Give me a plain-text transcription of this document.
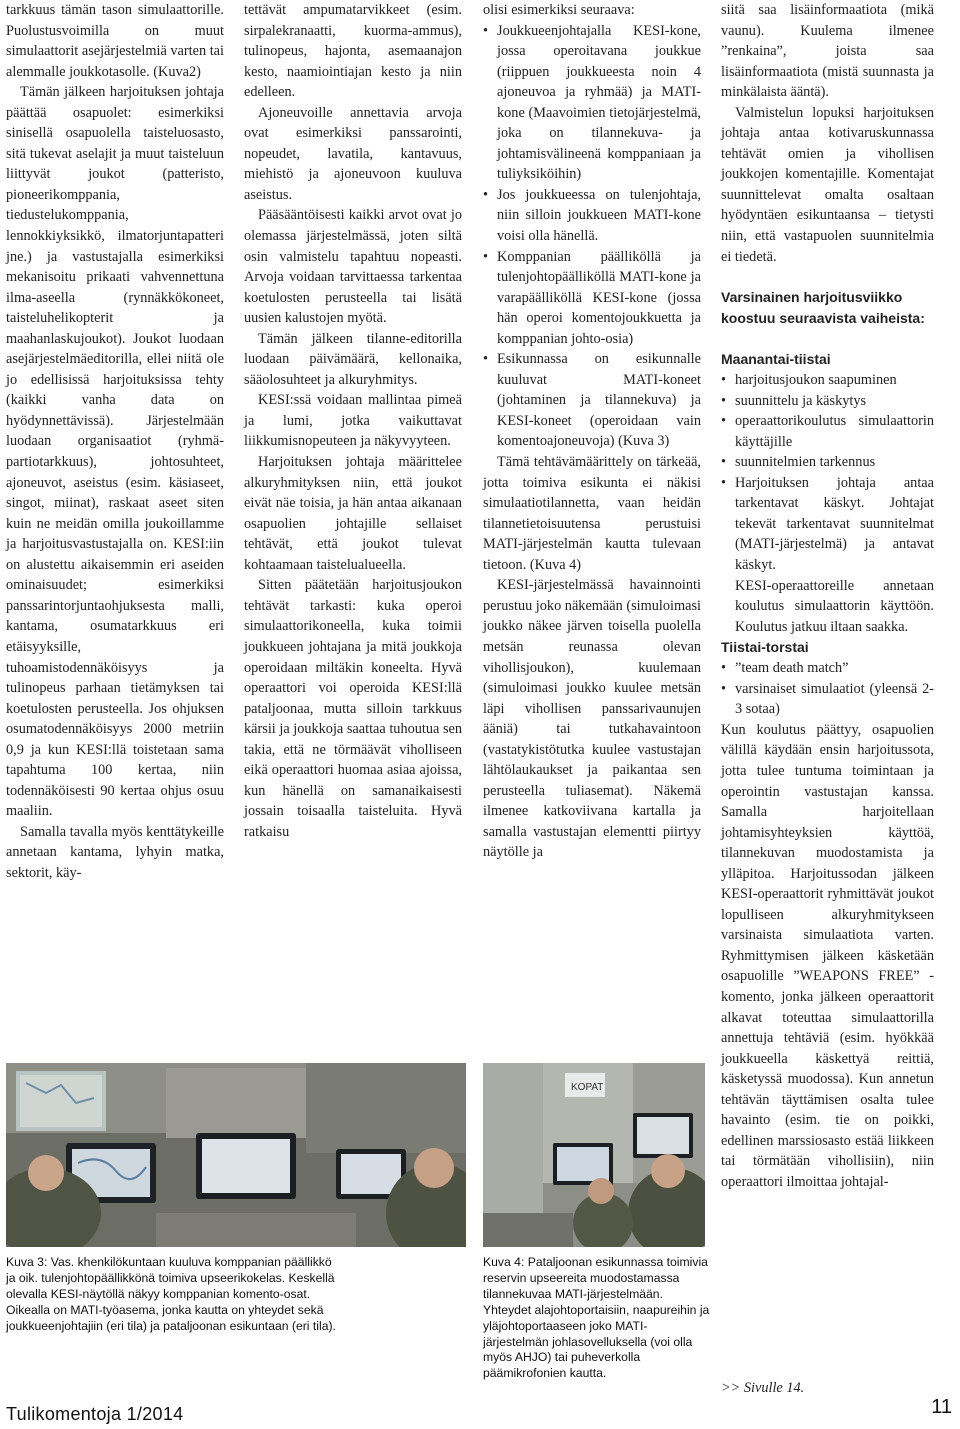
tarkkuus tämän tason simulaattorille. Puolustusvoimilla on muut simulaattorit asejärjestelmiä varten tai alemmalle joukkotasolle. (Kuva2)

Tämän jälkeen harjoituksen johtaja päättää osapuolet: esimerkiksi sinisellä osapuolella taisteluosasto, sitä tukevat aselajit ja muut taisteluun liittyvät joukot (patteristo, pioneerikomppania, tiedustelukomppania, lennokkiyksikkö, ilmatorjuntapatteri jne.) ja vastustajalla esimerkiksi mekanisoitu prikaati vahvennettuna ilma-aseella (rynnäkkökoneet, taisteluhelikopterit ja maahanlaskujoukot). Joukot luodaan asejärjestelmäeditorilla, ellei niitä ole jo edellisissä harjoituksissa tehty (kaikki vanha data on hyödynnettävissä). Järjestelmään luodaan organisaatiot (ryhmä-partiotarkkuus), johtosuhteet, ajoneuvot, aseistus (esim. käsiaseet, singot, miinat), raskaat aseet siten kuin ne meidän omilla joukoillamme ja harjoitusvastustajalla on. KESI:iin on alustettu aikaisemmin eri aseiden ominaisuudet; esimerkiksi panssarintorjuntaohjuksesta malli, kantama, osumatarkkuus eri etäisyyksille, tuhoamistodennäköisyys ja tulinopeus parhaan tietämyksen tai koetulosten perusteella. Jos ohjuksen osumatodennäköisyys 2000 metriin 0,9 ja kun KESI:llä toistetaan sama tapahtuma 100 kertaa, niin todennäköisesti 90 kertaa ohjus osuu maaliin.

Samalla tavalla myös kenttätykeille annetaan kantama, lyhyin matka, sektorit, käy-

tettävät ampumatarvikkeet (esim. sirpalekranaatti, kuorma-ammus), tulinopeus, hajonta, asemaanajon kesto, naamiointiajan kesto ja niin edelleen.

Ajoneuvoille annettavia arvoja ovat esimerkiksi panssarointi, nopeudet, lavatila, kantavuus, miehistö ja ajoneuvoon kuuluva aseistus.

Pääsääntöisesti kaikki arvot ovat jo olemassa järjestelmässä, joten siltä osin valmistelu tapahtuu nopeasti. Arvoja voidaan tarvittaessa tarkentaa koetulosten perusteella tai lisätä uusien kalustojen myötä.

Tämän jälkeen tilanne-editorilla luodaan päivämäärä, kellonaika, sääolosuhteet ja alkuryhmitys.

KESI:ssä voidaan mallintaa pimeä ja lumi, jotka vaikuttavat liikkumisnopeuteen ja näkyvyyteen.

Harjoituksen johtaja määrittelee alkuryhmityksen niin, että joukot eivät näe toisia, ja hän antaa aikanaan osapuolien johtajille sellaiset tehtävät, että joukot tulevat kohtaamaan taistelualueella.

Sitten päätetään harjoitusjoukon tehtävät tarkasti: kuka operoi simulaattorikoneella, kuka toimii joukkueen johtajana ja mitä joukkoja operoidaan miltäkin koneelta. Hyvä operaattori voi operoida KESI:llä pataljoonaa, mutta silloin tarkkuus kärsii ja joukkoja saattaa tuhoutua sen takia, että ne törmäävät viholliseen eikä operaattori huomaa asiaa ajoissa, kun hänellä on samanaikaisesti jossain toisaalla taisteluita. Hyvä ratkaisu

olisi esimerkiksi seuraava:

• Joukkueenjohtajalla KESI-kone, jossa operoitavana joukkue (riippuen joukkueesta noin 4 ajoneuvoa ja ryhmää) ja MATI-kone (Maavoimien tietojärjestelmä, joka on tilannekuva- ja johtamisvälineenä komppaniaan ja tuliyksiköihin)
• Jos joukkueessa on tulenjohtaja, niin silloin joukkueen MATI-kone voisi olla hänellä.
• Komppanian päälliköllä ja tulenjohtopäälliköllä MATI-kone ja varapäälliköllä KESI-kone (jossa hän operoi komentojoukkuetta ja komppanian johto-osia)
• Esikunnassa on esikunnalle kuuluvat MATI-koneet (johtaminen ja tilannekuva) ja KESI-koneet (operoidaan vain komentoajoneuvoja) (Kuva 3)

Tämä tehtävämäärittely on tärkeää, jotta toimiva esikunta ei näkisi simulaatiotilannetta, vaan heidän tilannetietoisuutensa perustuisi MATI-järjestelmän kautta tulevaan tietoon. (Kuva 4)

KESI-järjestelmässä havainnointi perustuu joko näkemään (simuloimasi joukko näkee järven toisella puolella metsän reunassa olevan vihollisjoukon), kuulemaan (simuloimasi joukko kuulee metsän läpi vihollisen panssarivaunujen ääniä) tai tutkahavaintoon (vastatykistötutka kuulee vastustajan lähtölaukaukset ja paikantaa sen perusteella tuliasemat). Näkemä ilmenee katkoviivana kartalla ja samalla vastustajan elementti piirtyy näytölle ja

siitä saa lisäinformaatiota (mikä vaunu). Kuulema ilmenee ”renkaina”, joista saa lisäinformaatiota (mistä suunnasta ja minkälaista ääntä).

Valmistelun lopuksi harjoituksen johtaja antaa kotivaruskunnassa tehtävät omien ja vihollisen joukkojen komentajille. Komentajat suunnittelevat omalta osaltaan hyödyntäen esikuntaansa – tietysti niin, että vastapuolen suunnitelmia ei tiedetä.

Varsinainen harjoitusviikko koostuu seuraavista vaiheista:
Maanantai-tiistai
• harjoitusjoukon saapuminen
• suunnittelu ja käskytys
• operaattorikoulutus simulaattorin käyttäjille
• suunnitelmien tarkennus
• Harjoituksen johtaja antaa tarkentavat käskyt. Johtajat tekevät tarkentavat suunnitelmat (MATI-järjestelmä) ja antavat käskyt.
KESI-operaattoreille annetaan koulutus simulaattorin käyttöön. Koulutus jatkuu iltaan saakka.
Tiistai-torstai
• ”team death match”
• varsinaiset simulaatiot (yleensä 2-3 sotaa)

Kun koulutus päättyy, osapuolien välillä käydään ensin harjoitussota, jotta tulee tuntuma toimintaan ja operointin vastustajan kanssa. Samalla harjoitellaan johtamisyhteyksien käyttöä, tilannekuvan muodostamista ja ylläpitoa. Harjoitussodan jälkeen KESI-operaattorit ryhmittävät joukot lopulliseen alkuryhmitykseen varsinaista simulaatiota varten. Ryhmittymisen jälkeen käsketään osapuolille ”WEAPONS FREE” -komento, jonka jälkeen operaattorit alkavat toteuttaa simulaattorilla annettuja tehtäviä (esim. hyökkää joukkueella käskettyä reittiä, käsketyssä muodossa). Kun annetun tehtävän täyttämisen osalta tulee havainto (esim. tie on poikki, edellinen marssiosasto estää liikkeen tai törmätään vihollisiin), niin operaattori ilmoittaa johtajal-

>> Sivulle 14.
KOPAT
Kuva 3: Vas. khenkilökuntaan kuuluva komppanian päällikkö ja oik. tulenjohtopäällikkönä toimiva upseerikokelas. Keskellä olevalla KESI-näytöllä näkyy komppanian komento-osat. Oikealla on MATI-työasema, jonka kautta on yhteydet sekä joukkueenjohtajiin (eri tila) ja pataljoonan esikuntaan (eri tila).
Kuva 4: Pataljoonan esikunnassa toimivia reservin upseereita muodostamassa tilannekuvaa MATI-järjestelmään. Yhteydet alajohtoportaisiin, naapureihin ja yläjohtoportaaseen joko MATI-järjestelmän johlasovelluksella (voi olla myös AHJO) tai puheverkolla päämikrofonien kautta.
Tulikomentoja 1/2014	11
